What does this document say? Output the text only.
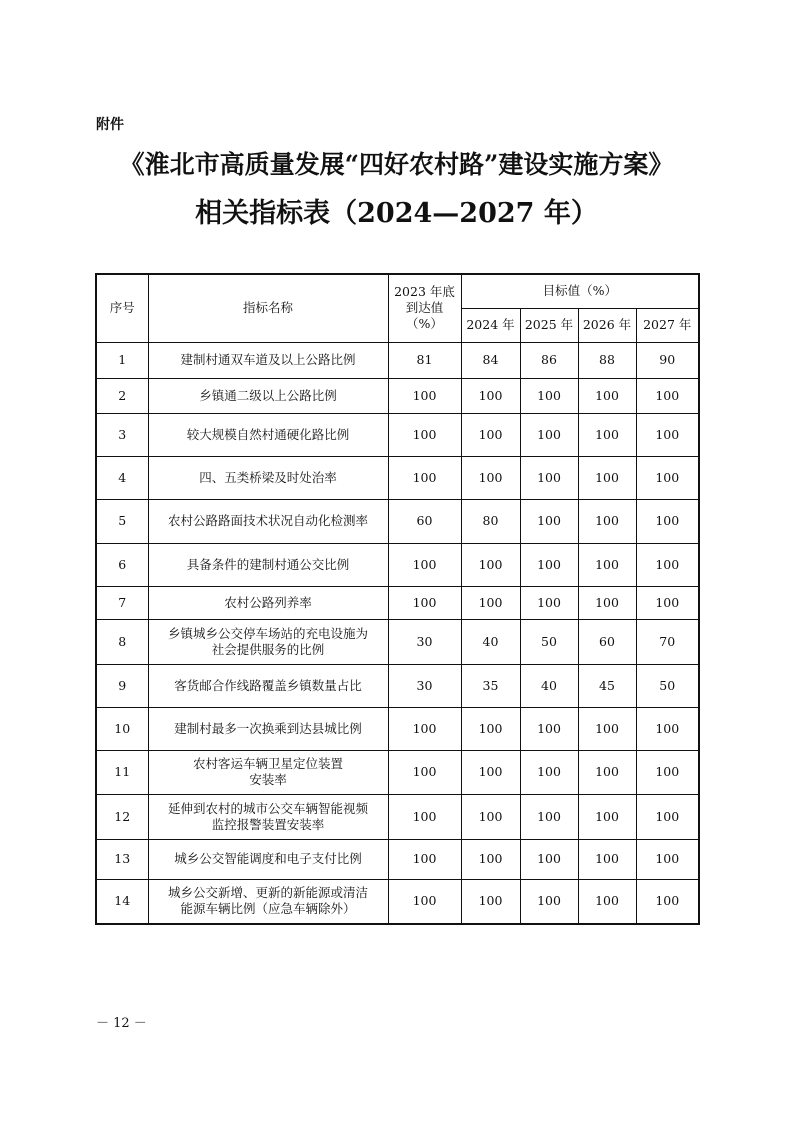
附件
《淮北市高质量发展“四好农村路”建设实施方案》
相关指标表（2024—2027 年）
序号	指标名称	2023 年底
到达值
（%）	目标值（%）			
			2024 年	2025 年	2026 年	2027 年
1	建制村通双车道及以上公路比例	81	84	86	88	90
2	乡镇通二级以上公路比例	100	100	100	100	100
3	较大规模自然村通硬化路比例	100	100	100	100	100
4	四、五类桥梁及时处治率	100	100	100	100	100
5	农村公路路面技术状况自动化检测率	60	80	100	100	100
6	具备条件的建制村通公交比例	100	100	100	100	100
7	农村公路列养率	100	100	100	100	100
8	乡镇城乡公交停车场站的充电设施为
社会提供服务的比例	30	40	50	60	70
9	客货邮合作线路覆盖乡镇数量占比	30	35	40	45	50
10	建制村最多一次换乘到达县城比例	100	100	100	100	100
11	农村客运车辆卫星定位装置
安装率	100	100	100	100	100
12	延伸到农村的城市公交车辆智能视频
监控报警装置安装率	100	100	100	100	100
13	城乡公交智能调度和电子支付比例	100	100	100	100	100
14	城乡公交新增、更新的新能源或清洁
能源车辆比例（应急车辆除外）	100	100	100	100	100
－ 12 －
